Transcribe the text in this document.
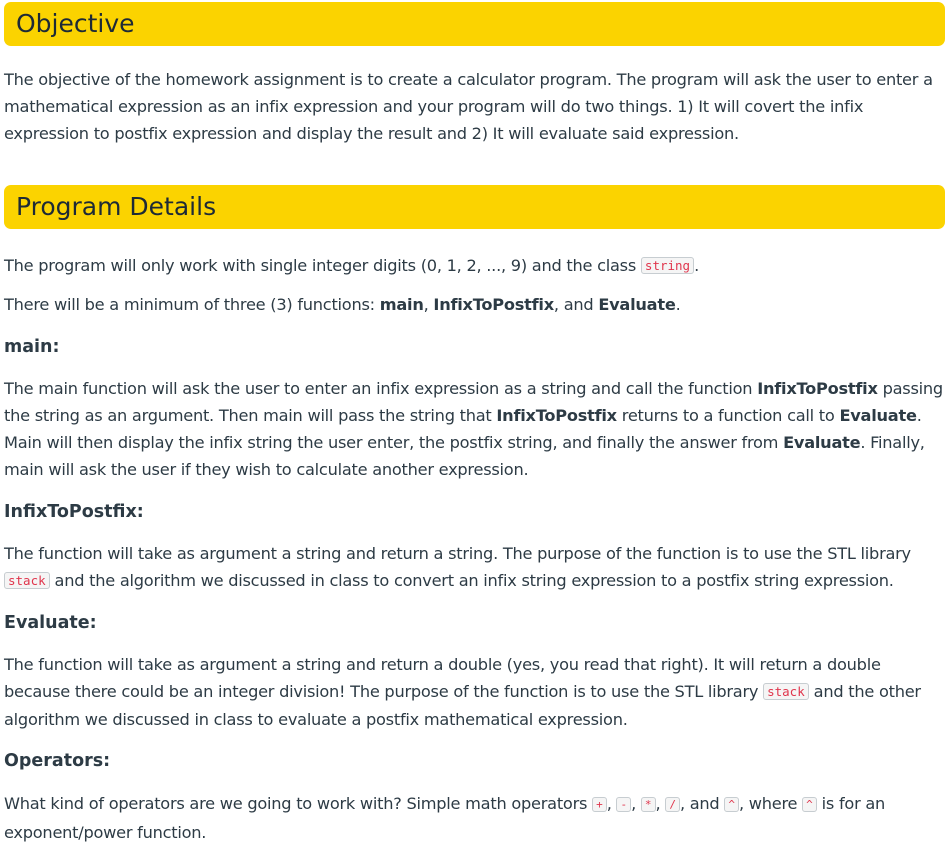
Objective

The objective of the homework assignment is to create a calculator program. The program will ask the user to enter a mathematical expression as an infix expression and your program will do two things. 1) It will covert the infix expression to postfix expression and display the result and 2) It will evaluate said expression.

Program Details

The program will only work with single integer digits (0, 1, 2, ..., 9) and the class string .

There will be a minimum of three (3) functions: main, InfixToPostfix, and Evaluate.

main:

The main function will ask the user to enter an infix expression as a string and call the function InfixToPostfix passing the string as an argument. Then main will pass the string that InfixToPostfix returns to a function call to Evaluate. Main will then display the infix string the user enter, the postfix string, and finally the answer from Evaluate. Finally, main will ask the user if they wish to calculate another expression.

InfixToPostfix:

The function will take as argument a string and return a string. The purpose of the function is to use the STL library stack and the algorithm we discussed in class to convert an infix string expression to a postfix string expression.

Evaluate:

The function will take as argument a string and return a double (yes, you read that right). It will return a double because there could be an integer division! The purpose of the function is to use the STL library stack and the other algorithm we discussed in class to evaluate a postfix mathematical expression.

Operators:

What kind of operators are we going to work with? Simple math operators + , - , * , / , and ^ , where ^ is for an exponent/power function.
